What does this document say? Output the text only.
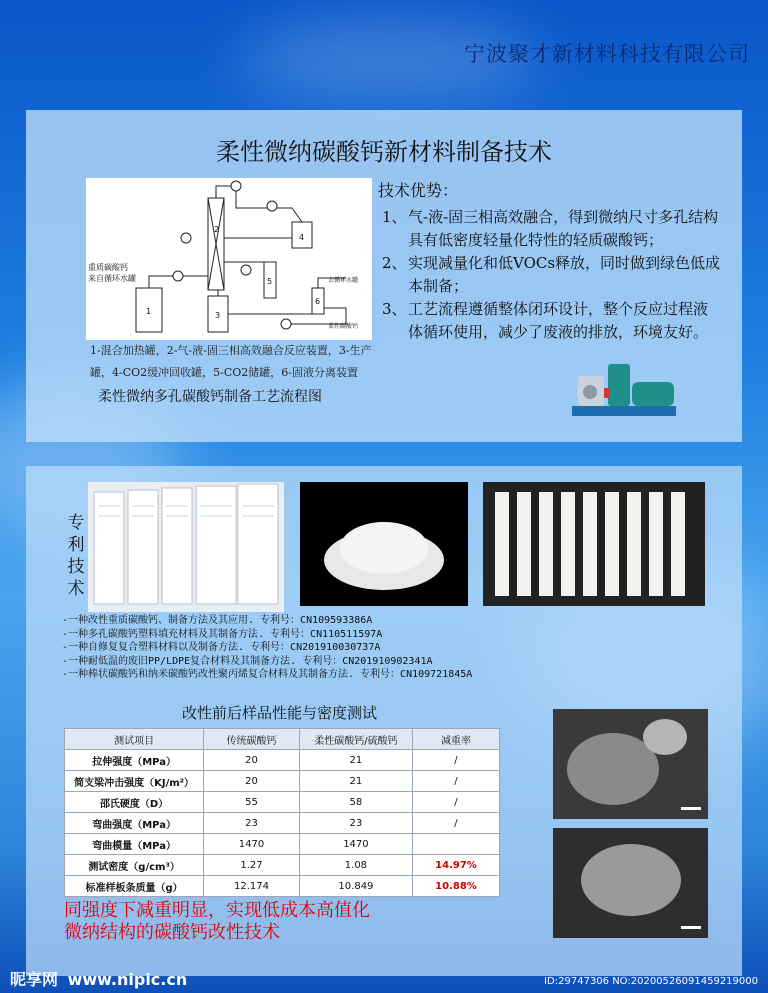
宁波聚才新材料科技有限公司
柔性微纳碳酸钙新材料制备技术
重质碳酸钙
来自循环水罐
1
2
3
4
5
6
去循环水罐
柔性碳酸钙
1-混合加热罐，2-气-液-固三相高效融合反应装置，3-生产罐，4-CO2缓冲回收罐，5-CO2储罐，6-固液分离装置
柔性微纳多孔碳酸钙制备工艺流程图
技术优势：
1、 气-液-固三相高效融合，得到微纳尺寸多孔结构具有低密度轻量化特性的轻质碳酸钙；
2、 实现减量化和低VOCs释放，同时做到绿色低成本制备；
3、 工艺流程遵循整体闭环设计，整个反应过程液体循环使用，减少了废液的排放，环境友好。
专利技术
-一种改性重质碳酸钙、制备方法及其应用. 专利号：CN109593386A
-一种多孔碳酸钙塑料填充材料及其制备方法. 专利号：CN110511597A
-一种自修复复合塑料材料以及制备方法. 专利号：CN201910030737A
-一种耐低温的废旧PP/LDPE复合材料及其制备方法. 专利号：CN201910902341A
-一种棒状碳酸钙和纳米碳酸钙改性聚丙烯复合材料及其制备方法. 专利号：CN109721845A
改性前后样品性能与密度测试
测试项目	传统碳酸钙	柔性碳酸钙/硫酸钙	减重率
拉伸强度（MPa）	20	21	/
简支梁冲击强度（KJ/m²）	20	21	/
邵氏硬度（D）	55	58	/
弯曲强度（MPa）	23	23	/
弯曲模量（MPa）	1470	1470	
测试密度（g/cm³）	1.27	1.08	14.97%
标准样板条质量（g）	12.174	10.849	10.88%
同强度下减重明显，实现低成本高值化
微纳结构的碳酸钙改性技术
昵享网 www.nipic.cn	ID:29747306 NO:20200526091459219000
